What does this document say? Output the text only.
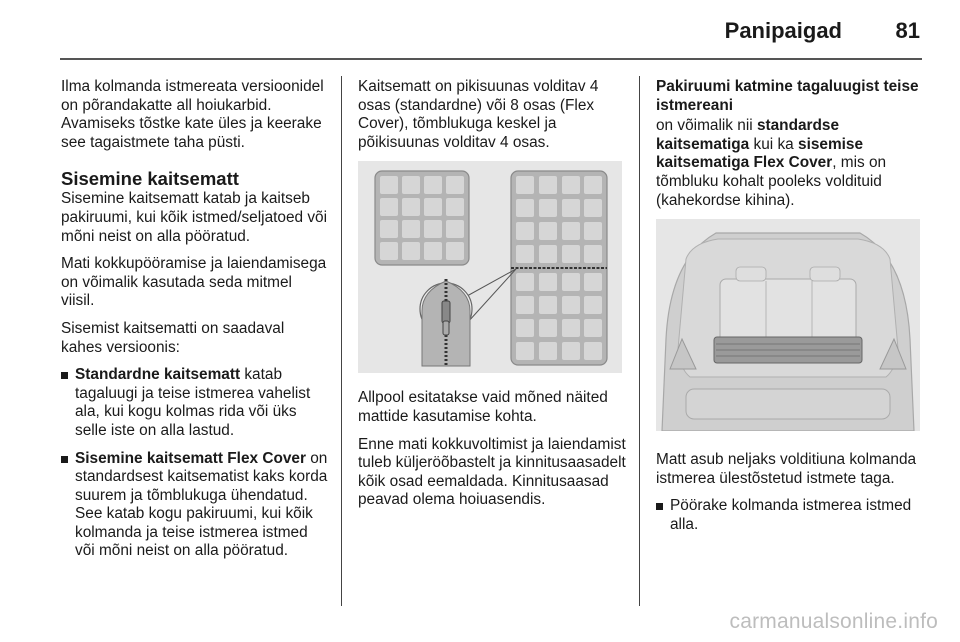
Panipaigad 81

Ilma kolmanda istmereata versioonidel on põrandakatte all hoiukarbid. Avamiseks tõstke kate üles ja keerake see tagaistmete taha püsti.

Sisemine kaitsematt

Sisemine kaitsematt katab ja kaitseb pakiruumi, kui kõik istmed/seljatoed või mõni neist on alla pööratud.

Mati kokkupööramise ja laiendamisega on võimalik kasutada seda mitmel viisil.

Sisemist kaitsematti on saadaval kahes versioonis:

Standardne kaitsematt katab tagaluugi ja teise istmerea vahelist ala, kui kogu kolmas rida või üks selle iste on alla lastud.
Sisemine kaitsematt Flex Cover on standardsest kaitsematist kaks korda suurem ja tõmblukuga ühendatud. See katab kogu pakiruumi, kui kõik kolmanda ja teise istmerea istmed või mõni neist on alla pööratud.

Kaitsematt on pikisuunas volditav 4 osas (standardne) või 8 osas (Flex Cover), tõmblukuga keskel ja põikisuunas volditav 4 osas.

Allpool esitatakse vaid mõned näited mattide kasutamise kohta.

Enne mati kokkuvoltimist ja laiendamist tuleb küljeröõbastelt ja kinnitusaasadelt kõik osad eemaldada. Kinnitusaasad peavad olema hoiuasendis.

Pakiruumi katmine tagaluugist teise istmereani

on võimalik nii standardse kaitsematiga kui ka sisemise kaitsematiga Flex Cover, mis on tõmbluku kohalt pooleks voldituid (kahekordse kihina).

Matt asub neljaks volditiuna kolmanda istmerea ülestõstetud istmete taga.

Pöörake kolmanda istmerea istmed alla.
carmanualsonline.info
